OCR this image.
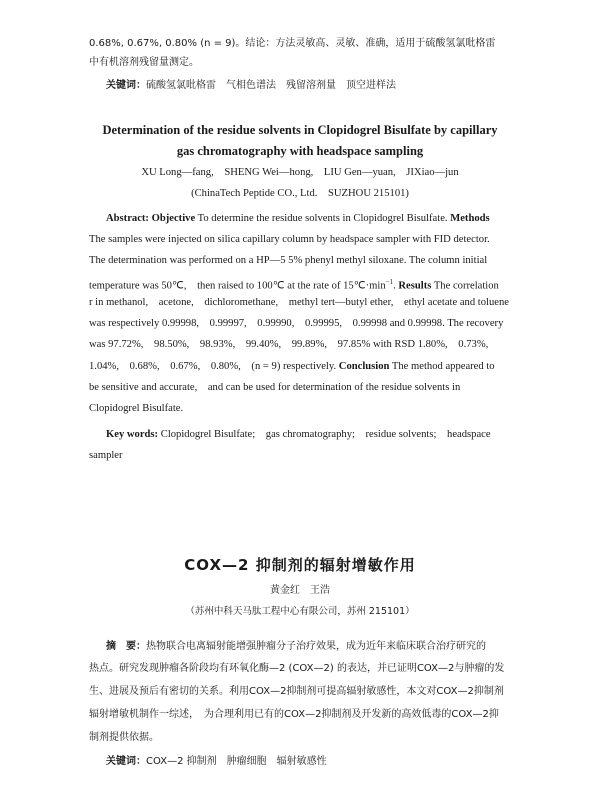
0.68%, 0.67%, 0.80% (n = 9)。结论：方法灵敏高、灵敏、准确，适用于硫酸氢氯吡格雷
中有机溶剂残留量测定。
关键词：硫酸氢氯吡格雷　气相色谱法　残留溶剂量　顶空进样法
Determination of the residue solvents in Clopidogrel Bisulfate by capillary
gas chromatography with headspace sampling
XU Long—fang,　SHENG Wei—hong,　LIU Gen—yuan,　JIXiao—jun
(ChinaTech Peptide CO., Ltd.　SUZHOU 215101)
Abstract: Objective To determine the residue solvents in Clopidogrel Bisulfate. Methods
The samples were injected on silica capillary column by headspace sampler with FID detector.
The determination was performed on a HP—5 5% phenyl methyl siloxane. The column initial
temperature was 50℃,　then raised to 100℃ at the rate of $15℃\cdot\min^{-1}$. Results The correlation
r in methanol,　acetone,　dichloromethane,　methyl tert—butyl ether,　ethyl acetate and toluene
was respectively 0.99998,　0.99997,　0.99990,　0.99995,　0.99998 and 0.99998. The recovery
was 97.72%,　98.50%,　98.93%,　99.40%,　99.89%,　97.85% with RSD 1.80%,　0.73%,
1.04%,　0.68%,　0.67%,　0.80%,　(n = 9) respectively. Conclusion The method appeared to
be sensitive and accurate,　and can be used for determination of the residue solvents in
Clopidogrel Bisulfate.
Key words: Clopidogrel Bisulfate;　gas chromatography;　residue solvents;　headspace
sampler
COX—2 抑制剂的辐射增敏作用
黄金红　王浩
（苏州中科天马肽工程中心有限公司，苏州 215101）
摘　要：热物联合电离辐射能增强肿瘤分子治疗效果，成为近年来临床联合治疗研究的
热点。研究发现肿瘤各阶段均有环氧化酶—2 (COX—2) 的表达，并已证明COX—2与肿瘤的发
生、进展及预后有密切的关系。利用COX—2抑制剂可提高辐射敏感性，本文对COX—2抑制剂
辐射增敏机制作一综述，　为合理利用已有的COX—2抑制剂及开发新的高效低毒的COX—2抑
制剂提供依据。
关键词：COX—2 抑制剂　肿瘤细胞　辐射敏感性
